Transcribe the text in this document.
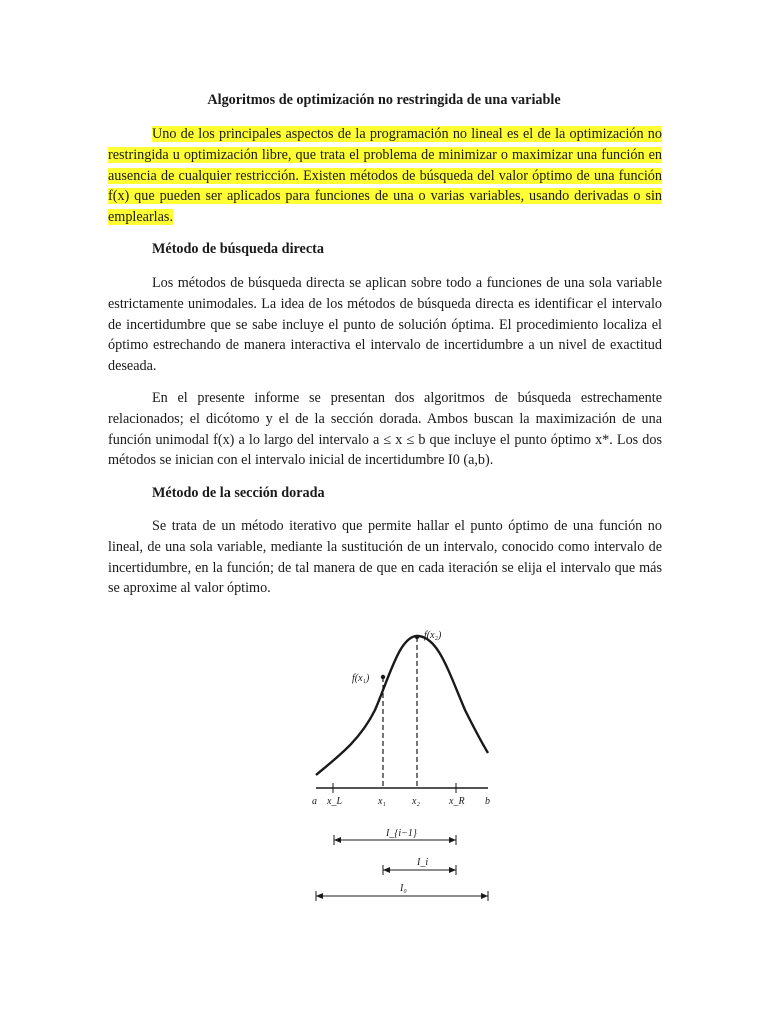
Algoritmos de optimización no restringida de una variable

Uno de los principales aspectos de la programación no lineal es el de la optimización no restringida u optimización libre, que trata el problema de minimizar o maximizar una función en ausencia de cualquier restricción. Existen métodos de búsqueda del valor óptimo de una función f(x) que pueden ser aplicados para funciones de una o varias variables, usando derivadas o sin emplearlas.

Método de búsqueda directa

Los métodos de búsqueda directa se aplican sobre todo a funciones de una sola variable estrictamente unimodales. La idea de los métodos de búsqueda directa es identificar el intervalo de incertidumbre que se sabe incluye el punto de solución óptima. El procedimiento localiza el óptimo estrechando de manera interactiva el intervalo de incertidumbre a un nivel de exactitud deseada.

En el presente informe se presentan dos algoritmos de búsqueda estrechamente relacionados; el dicótomo y el de la sección dorada. Ambos buscan la maximización de una función unimodal f(x) a lo largo del intervalo a ≤ x ≤ b que incluye el punto óptimo x*. Los dos métodos se inician con el intervalo inicial de incertidumbre I0 (a,b).

Método de la sección dorada

Se trata de un método iterativo que permite hallar el punto óptimo de una función no lineal, de una sola variable, mediante la sustitución de un intervalo, conocido como intervalo de incertidumbre, en la función; de tal manera de que en cada iteración se elija el intervalo que más se aproxime al valor óptimo.

f(x₁)
f(x₂)
a x_L	x₁	x₂	x_R b
I_{i−1}
I_i
I₀
